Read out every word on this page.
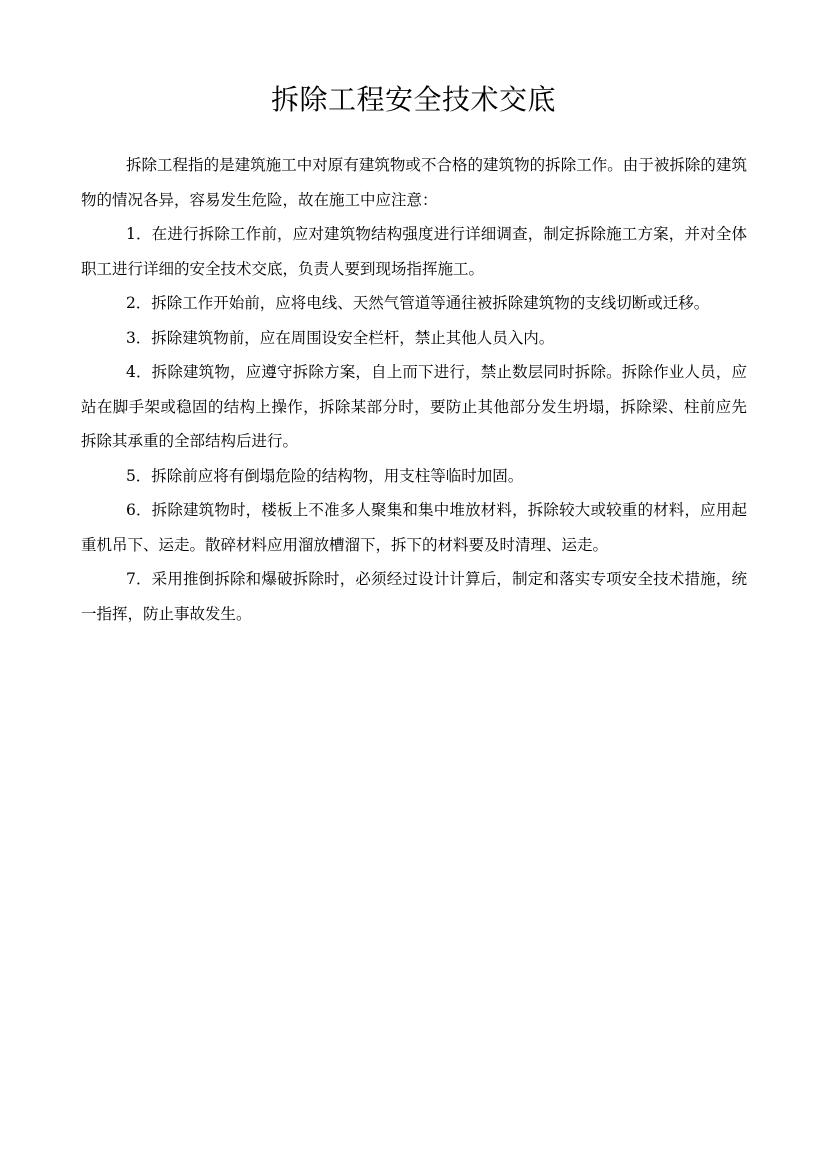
拆除工程安全技术交底

拆除工程指的是建筑施工中对原有建筑物或不合格的建筑物的拆除工作。由于被拆除的建筑物的情况各异，容易发生危险，故在施工中应注意：

1．在进行拆除工作前，应对建筑物结构强度进行详细调查，制定拆除施工方案，并对全体职工进行详细的安全技术交底，负责人要到现场指挥施工。

2．拆除工作开始前，应将电线、天然气管道等通往被拆除建筑物的支线切断或迁移。

3．拆除建筑物前，应在周围设安全栏杆，禁止其他人员入内。

4．拆除建筑物，应遵守拆除方案，自上而下进行，禁止数层同时拆除。拆除作业人员，应站在脚手架或稳固的结构上操作，拆除某部分时，要防止其他部分发生坍塌，拆除梁、柱前应先拆除其承重的全部结构后进行。

5．拆除前应将有倒塌危险的结构物，用支柱等临时加固。

6．拆除建筑物时，楼板上不准多人聚集和集中堆放材料，拆除较大或较重的材料，应用起重机吊下、运走。散碎材料应用溜放槽溜下，拆下的材料要及时清理、运走。

7．采用推倒拆除和爆破拆除时，必须经过设计计算后，制定和落实专项安全技术措施，统一指挥，防止事故发生。
